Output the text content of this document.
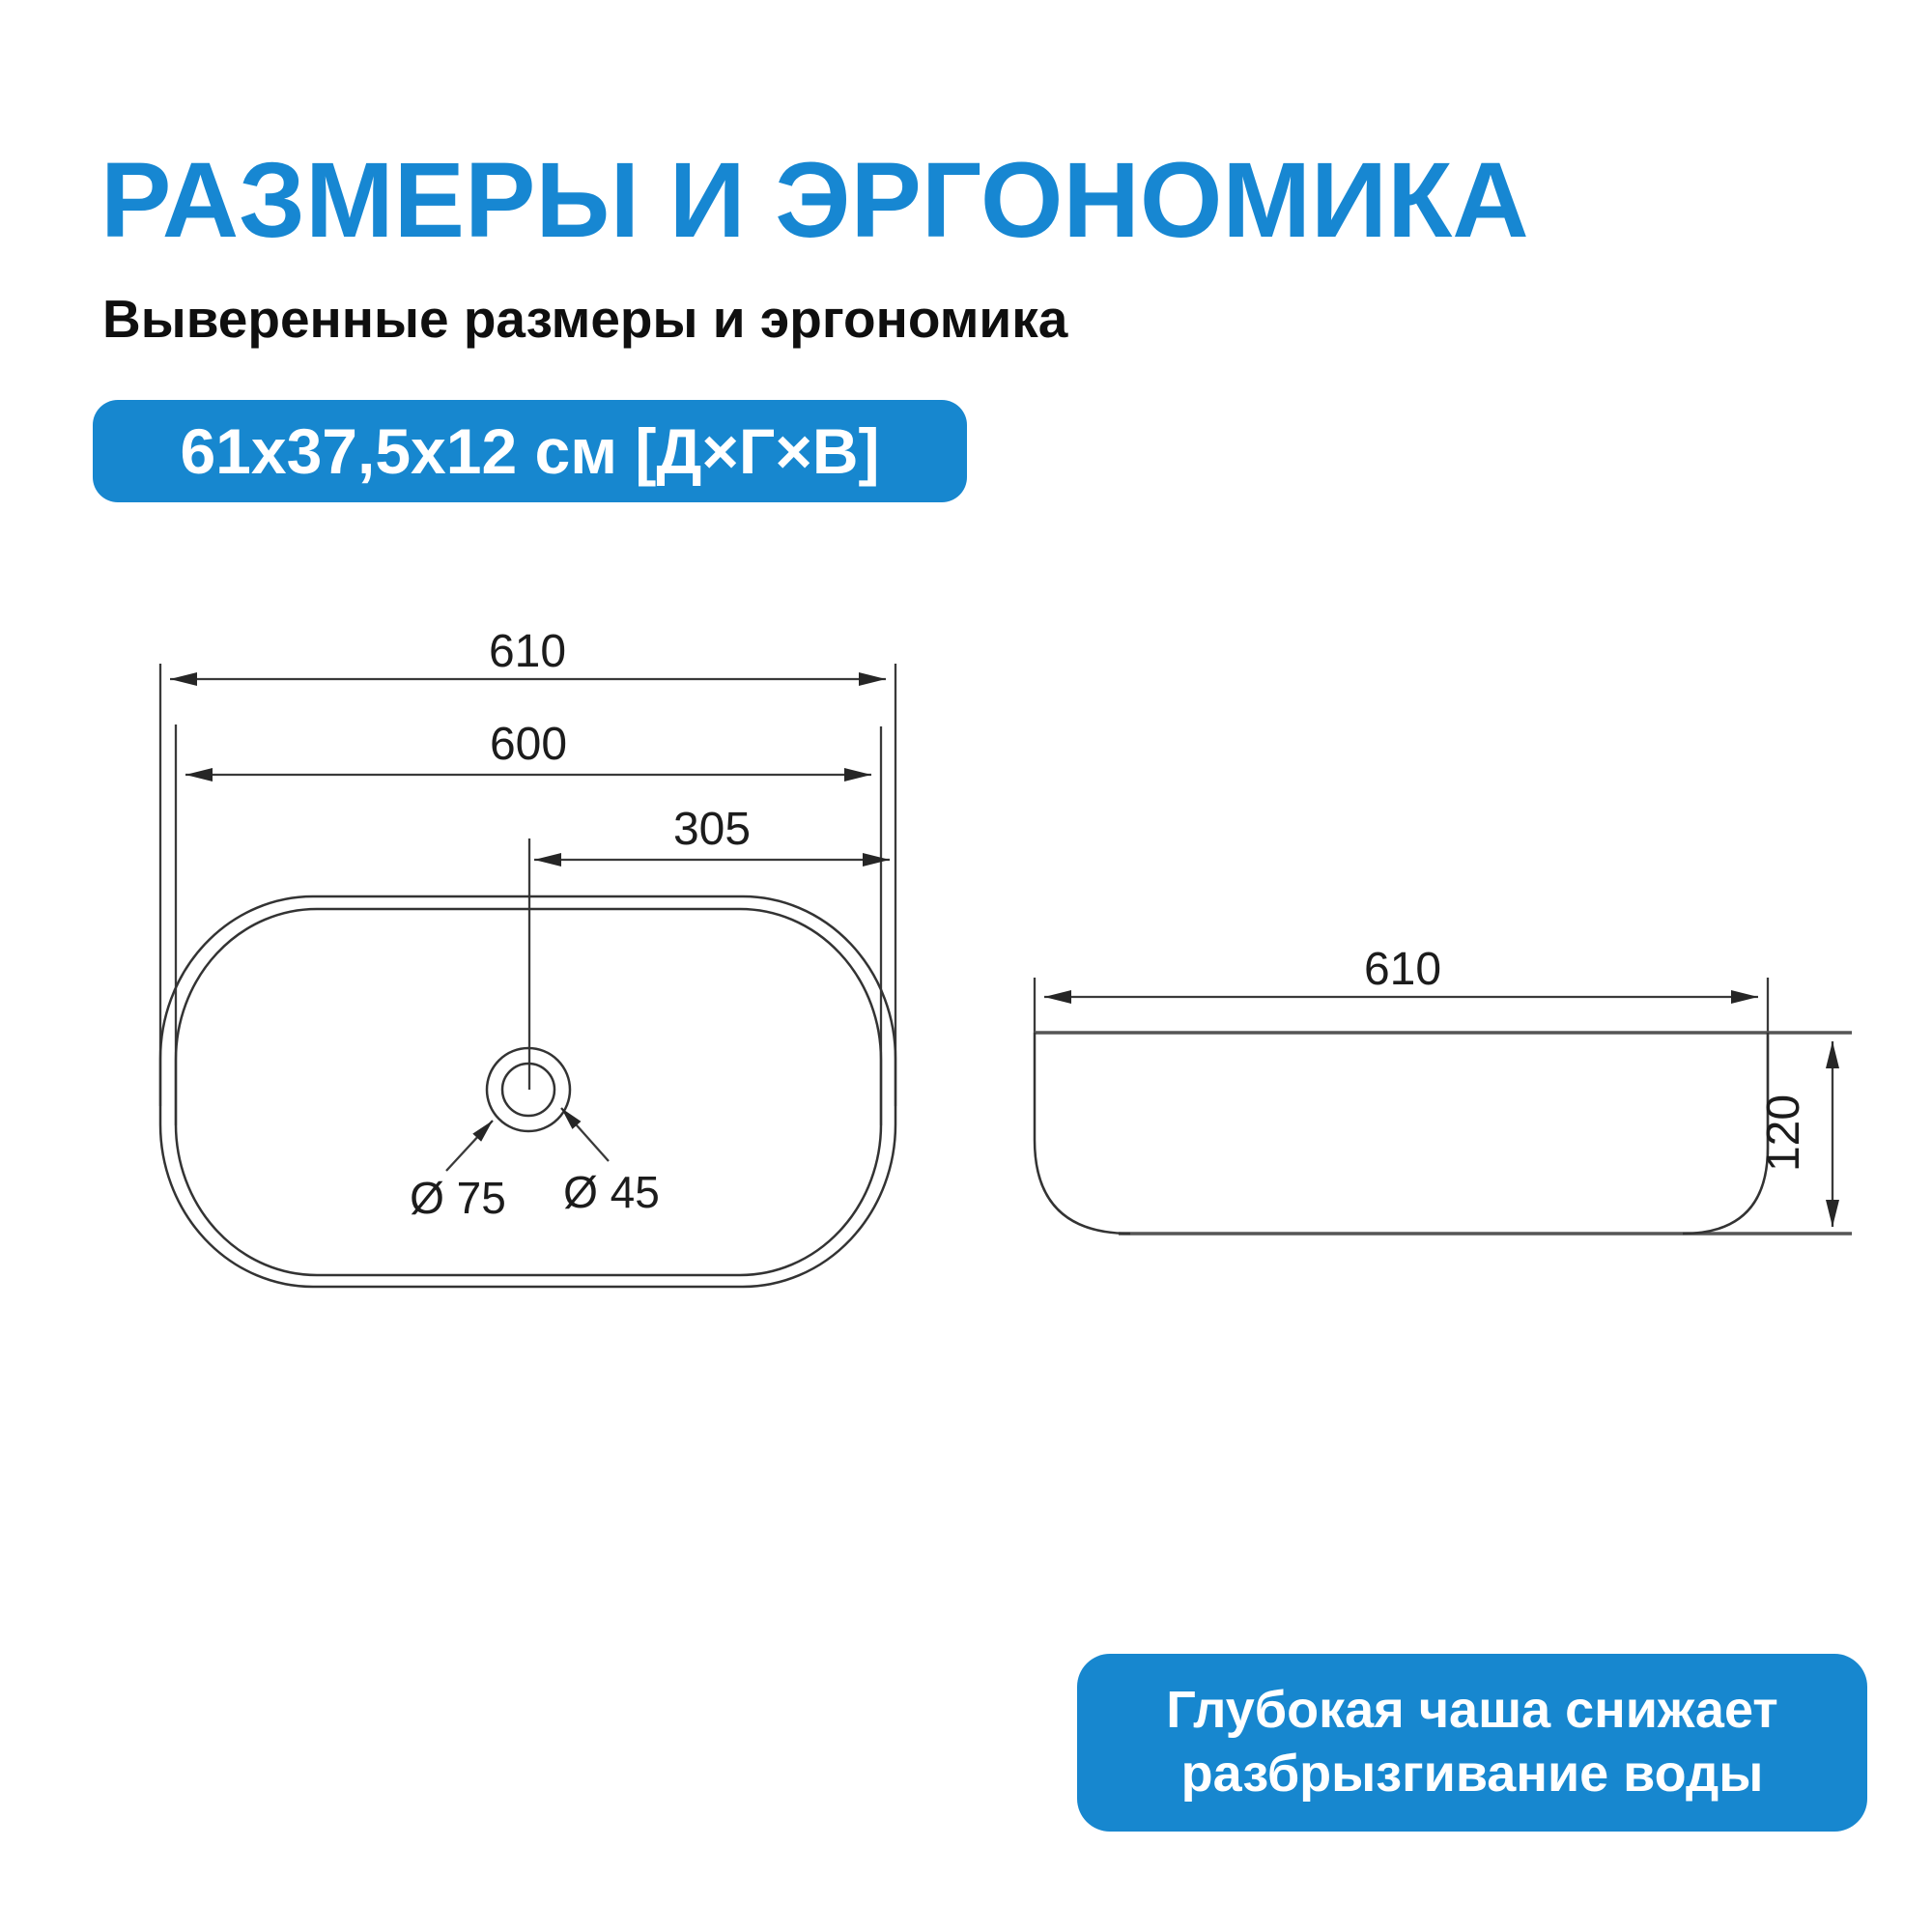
РАЗМЕРЫ И ЭРГОНОМИКА
Выверенные размеры и эргономика
61x37,5x12 см [Д×Г×В]
610
600
305
Ø 75 Ø 45
610
120
Глубокая чаша снижает
разбрызгивание воды
